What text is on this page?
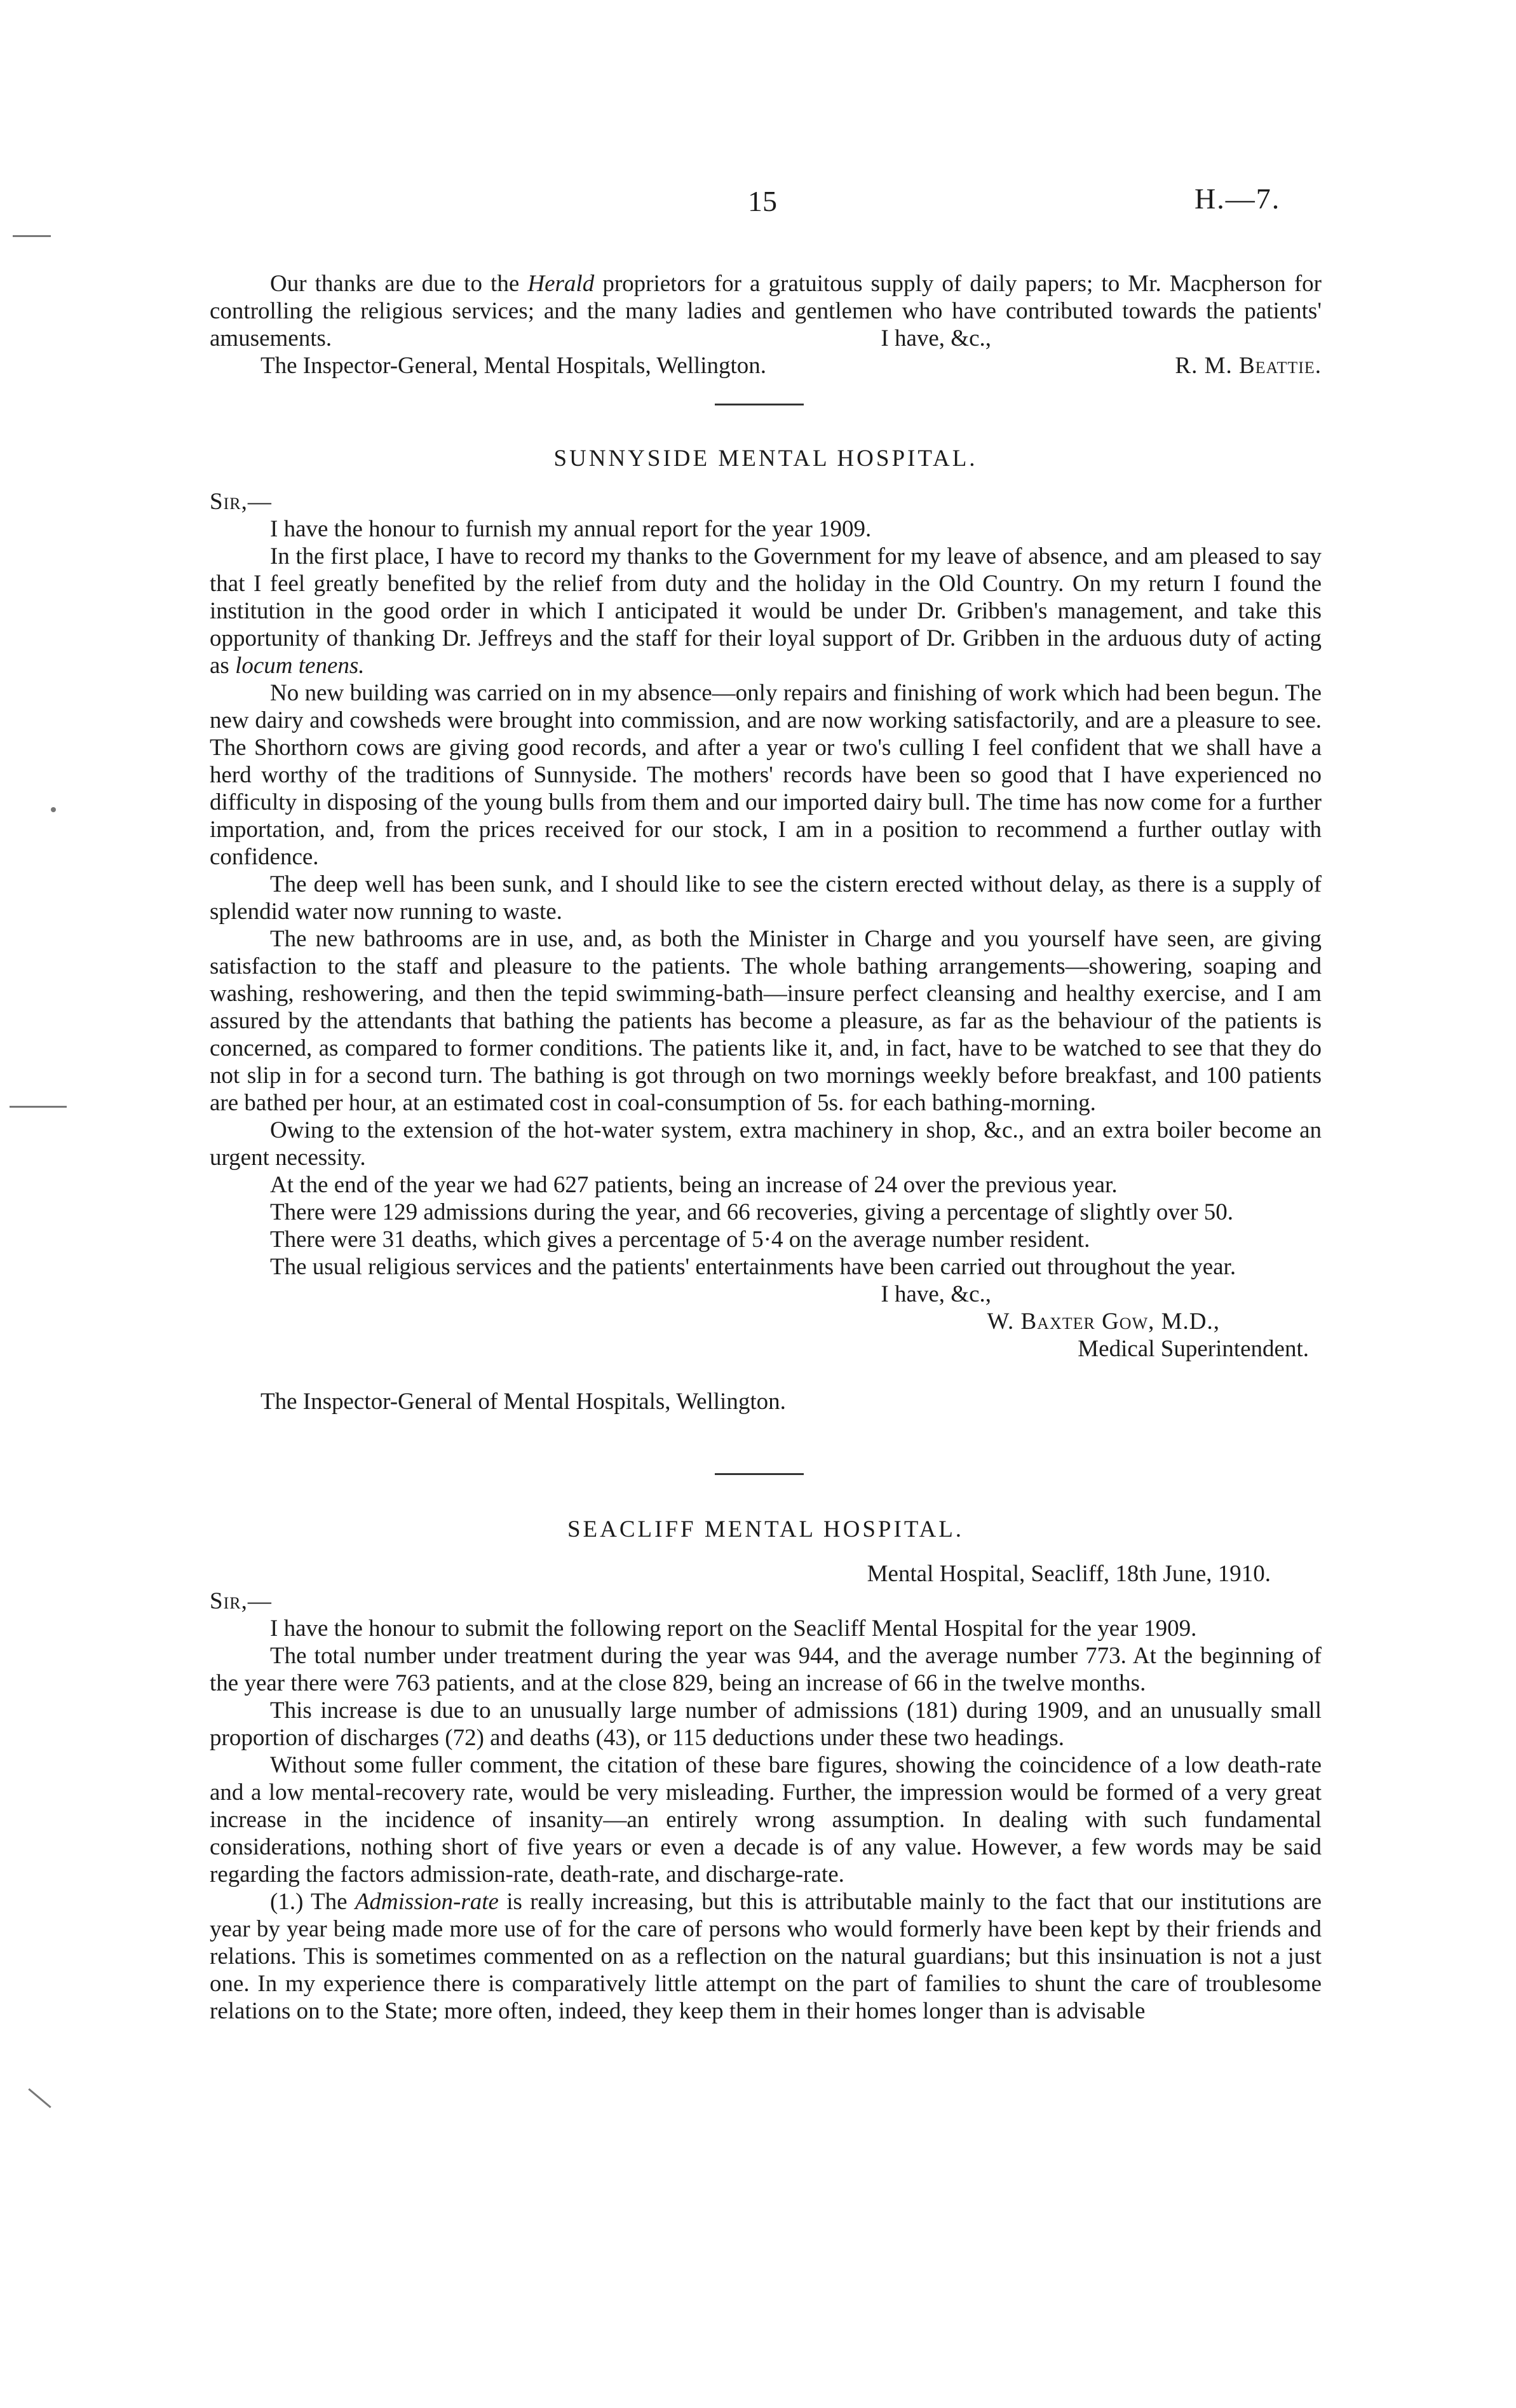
15	H.—7.

Our thanks are due to the Herald proprietors for a gratuitous supply of daily papers; to Mr. Macpherson for controlling the religious services; and the many ladies and gentlemen who have contributed towards the patients' amusements.	I have, &c.,

The Inspector-General, Mental Hospitals, Wellington.	R. M. Beattie.

SUNNYSIDE MENTAL HOSPITAL.

Sir,—

I have the honour to furnish my annual report for the year 1909.

In the first place, I have to record my thanks to the Government for my leave of absence, and am pleased to say that I feel greatly benefited by the relief from duty and the holiday in the Old Country. On my return I found the institution in the good order in which I anticipated it would be under Dr. Gribben's management, and take this opportunity of thanking Dr. Jeffreys and the staff for their loyal support of Dr. Gribben in the arduous duty of acting as locum tenens.

No new building was carried on in my absence—only repairs and finishing of work which had been begun. The new dairy and cowsheds were brought into commission, and are now working satisfactorily, and are a pleasure to see. The Shorthorn cows are giving good records, and after a year or two's culling I feel confident that we shall have a herd worthy of the traditions of Sunnyside. The mothers' records have been so good that I have experienced no difficulty in disposing of the young bulls from them and our imported dairy bull. The time has now come for a further importation, and, from the prices received for our stock, I am in a position to recommend a further outlay with confidence.

The deep well has been sunk, and I should like to see the cistern erected without delay, as there is a supply of splendid water now running to waste.

The new bathrooms are in use, and, as both the Minister in Charge and you yourself have seen, are giving satisfaction to the staff and pleasure to the patients. The whole bathing arrangements—showering, soaping and washing, reshowering, and then the tepid swimming-bath—insure perfect cleansing and healthy exercise, and I am assured by the attendants that bathing the patients has become a pleasure, as far as the behaviour of the patients is concerned, as compared to former conditions. The patients like it, and, in fact, have to be watched to see that they do not slip in for a second turn. The bathing is got through on two mornings weekly before breakfast, and 100 patients are bathed per hour, at an estimated cost in coal-consumption of 5s. for each bathing-morning.

Owing to the extension of the hot-water system, extra machinery in shop, &c., and an extra boiler become an urgent necessity.

At the end of the year we had 627 patients, being an increase of 24 over the previous year.

There were 129 admissions during the year, and 66 recoveries, giving a percentage of slightly over 50.

There were 31 deaths, which gives a percentage of 5·4 on the average number resident.

The usual religious services and the patients' entertainments have been carried out throughout the year.

I have, &c.,

W. Baxter Gow, M.D.,

Medical Superintendent.

The Inspector-General of Mental Hospitals, Wellington.

SEACLIFF MENTAL HOSPITAL.

Mental Hospital, Seacliff, 18th June, 1910.

Sir,—

I have the honour to submit the following report on the Seacliff Mental Hospital for the year 1909.

The total number under treatment during the year was 944, and the average number 773. At the beginning of the year there were 763 patients, and at the close 829, being an increase of 66 in the twelve months.

This increase is due to an unusually large number of admissions (181) during 1909, and an unusually small proportion of discharges (72) and deaths (43), or 115 deductions under these two headings.

Without some fuller comment, the citation of these bare figures, showing the coincidence of a low death-rate and a low mental-recovery rate, would be very misleading. Further, the impression would be formed of a very great increase in the incidence of insanity—an entirely wrong assumption. In dealing with such fundamental considerations, nothing short of five years or even a decade is of any value. However, a few words may be said regarding the factors admission-rate, death-rate, and discharge-rate.

(1.) The Admission-rate is really increasing, but this is attributable mainly to the fact that our institutions are year by year being made more use of for the care of persons who would formerly have been kept by their friends and relations. This is sometimes commented on as a reflection on the natural guardians; but this insinuation is not a just one. In my experience there is comparatively little attempt on the part of families to shunt the care of troublesome relations on to the State; more often, indeed, they keep them in their homes longer than is advisable
